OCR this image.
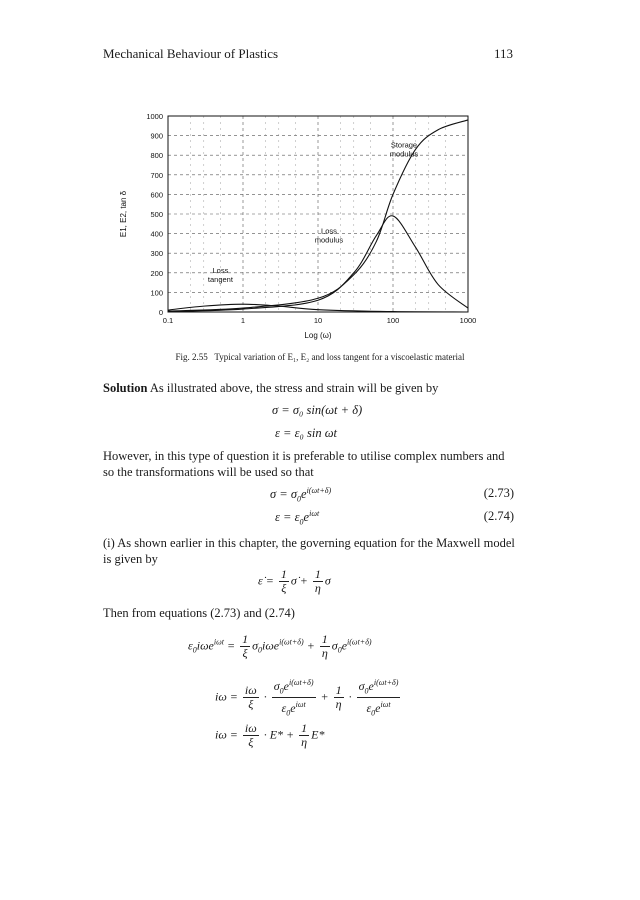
Mechanical Behaviour of Plastics	113
0
100
200
300
400
500
600
700
800
900
1000
0.1	1	10	100	1000
Log (ω)
E1, E2, tan δ
Storage modulus
Loss modulus
Loss tangent
Fig. 2.55 Typical variation of E₁, E₂ and loss tangent for a viscoelastic material
Solution As illustrated above, the stress and strain will be given by
σ = σ₀ sin(ωt + δ)
ε = ε₀ sin ωt
However, in this type of question it is preferable to utilise complex numbers and so the transformations will be used so that
$\sigma = \sigma_0e^{i(\omega t+\delta)}$	(2.73)
$\varepsilon = \varepsilon_0e^{i\omega t}$	(2.74)
(i) As shown earlier in this chapter, the governing equation for the Maxwell model is given by
ε̇ = $\frac{1}{\xi}$ σ̇ + $\frac{1}{\eta}$ σ
Then from equations (2.73) and (2.74)
$\varepsilon_0i\omega e^{i\omega t} = \frac{1}{\xi} \sigma_0i\omega e^{i(\omega t+\delta)} + \frac{1}{\eta} \sigma_0e^{i(\omega t+\delta)}$
$i\omega = \frac{i\omega}{\xi} \cdot \frac{\sigma_0e^{i(\omega t+\delta)}}{\varepsilon_0e^{i\omega t}} + \frac{1}{\eta} \cdot \frac{\sigma_0e^{i(\omega t+\delta)}}{\varepsilon_0e^{i\omega t}}$
$i\omega = \frac{i\omega}{\xi} \cdot E* + \frac{1}{\eta} E*$
